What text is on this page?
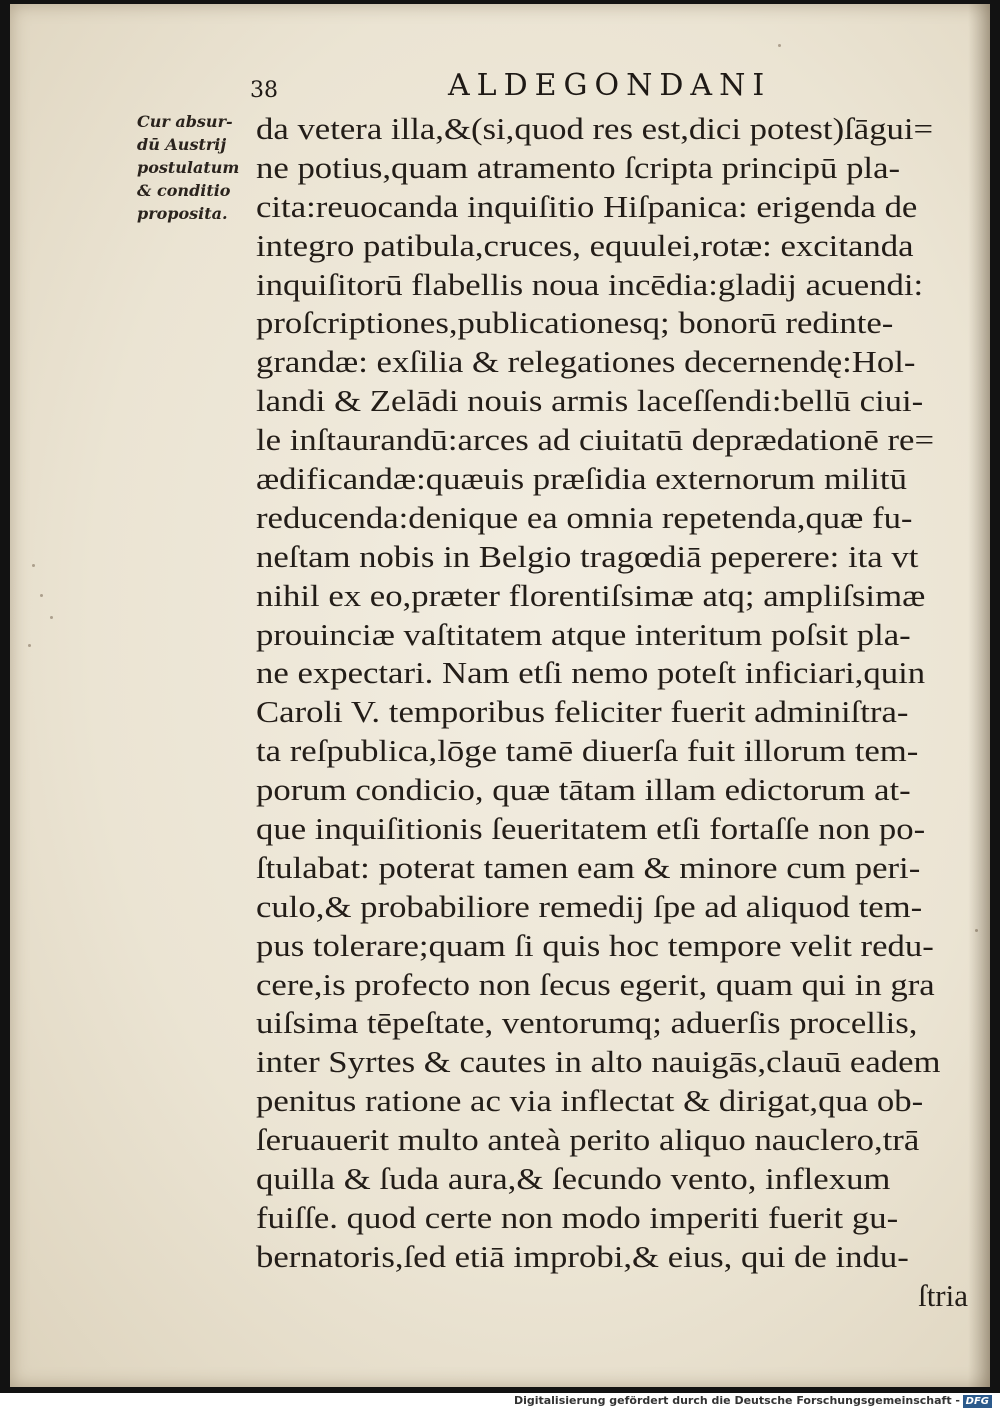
38	ALDEGONDANI
Cur absur-
dū Austrij
postulatum
& conditio
proposita.
da vetera illa,&(si,quod res est,dici potest)ſāgui=
ne potius,quam atramento ſcripta principū pla-
cita:reuocanda inquiſitio Hiſpanica: erigenda de
integro patibula,cruces, equulei,rotæ: excitanda
inquiſitorū flabellis noua incēdia:gladij acuendi:
proſcriptiones,publicationesq; bonorū redinte-
grandæ: exſilia & relegationes decernendę:Hol-
landi & Zelādi nouis armis laceſſendi:bellū ciui-
le inſtaurandū:arces ad ciuitatū deprædationē re=
ædificandæ:quæuis præſidia externorum militū
reducenda:denique ea omnia repetenda,quæ fu-
neſtam nobis in Belgio tragœdiā peperere: ita vt
nihil ex eo,præter florentiſsimæ atq; ampliſsimæ
prouinciæ vaſtitatem atque interitum poſsit pla-
ne expectari. Nam etſi nemo poteſt inficiari,quin
Caroli V. temporibus feliciter fuerit adminiſtra-
ta reſpublica,lōge tamē diuerſa fuit illorum tem-
porum condicio, quæ tātam illam edictorum at-
que inquiſitionis ſeueritatem etſi fortaſſe non po-
ſtulabat: poterat tamen eam & minore cum peri-
culo,& probabiliore remedij ſpe ad aliquod tem-
pus tolerare;quam ſi quis hoc tempore velit redu-
cere,is profecto non ſecus egerit, quam qui in gra
uiſsima tēpeſtate, ventorumq; aduerſis procellis,
inter Syrtes & cautes in alto nauigās,clauū eadem
penitus ratione ac via inflectat & dirigat,qua ob-
ſeruauerit multo anteà perito aliquo nauclero,trā
quilla & ſuda aura,& ſecundo vento, inflexum
fuiſſe. quod certe non modo imperiti fuerit gu-
bernatoris,ſed etiā improbi,& eius, qui de indu-
ſtria
Digitalisierung gefördert durch die Deutsche Forschungsgemeinschaft - DFG
